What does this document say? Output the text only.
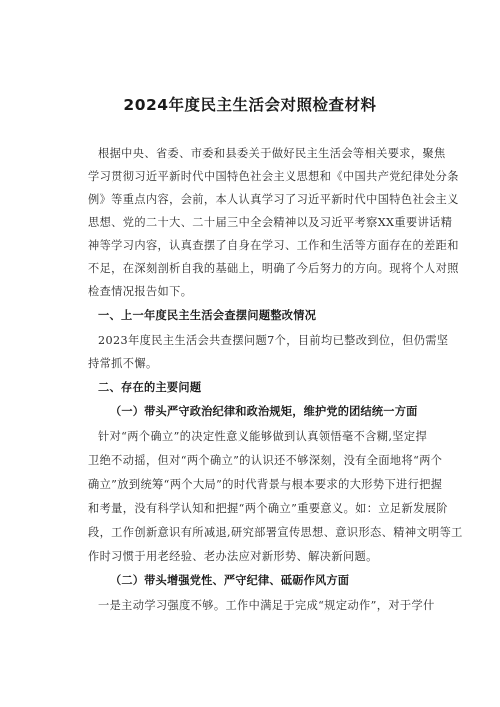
2024年度民主生活会对照检查材料
根据中央、省委、市委和县委关于做好民主生活会等相关要求，聚焦
学习贯彻习近平新时代中国特色社会主义思想和《中国共产党纪律处分条
例》等重点内容，会前，本人认真学习了习近平新时代中国特色社会主义
思想、党的二十大、二十届三中全会精神以及习近平考察XX重要讲话精
神等学习内容，认真查摆了自身在学习、工作和生活等方面存在的差距和
不足，在深刻剖析自我的基础上，明确了今后努力的方向。现将个人对照
检查情况报告如下。
一、上一年度民主生活会查摆问题整改情况
2023年度民主生活会共查摆问题7个，目前均已整改到位，但仍需坚
持常抓不懈。
二、存在的主要问题
（一）带头严守政治纪律和政治规矩，维护党的团结统一方面
针对“两个确立”的决定性意义能够做到认真领悟毫不含糊,坚定捍
卫绝不动摇，但对“两个确立”的认识还不够深刻，没有全面地将“两个
确立”放到统筹“两个大局”的时代背景与根本要求的大形势下进行把握
和考量，没有科学认知和把握“两个确立”重要意义。如：立足新发展阶
段，工作创新意识有所减退,研究部署宣传思想、意识形态、精神文明等工
作时习惯于用老经验、老办法应对新形势、解决新问题。
（二）带头增强党性、严守纪律、砥砺作风方面
一是主动学习强度不够。工作中满足于完成“规定动作”，对于学什
